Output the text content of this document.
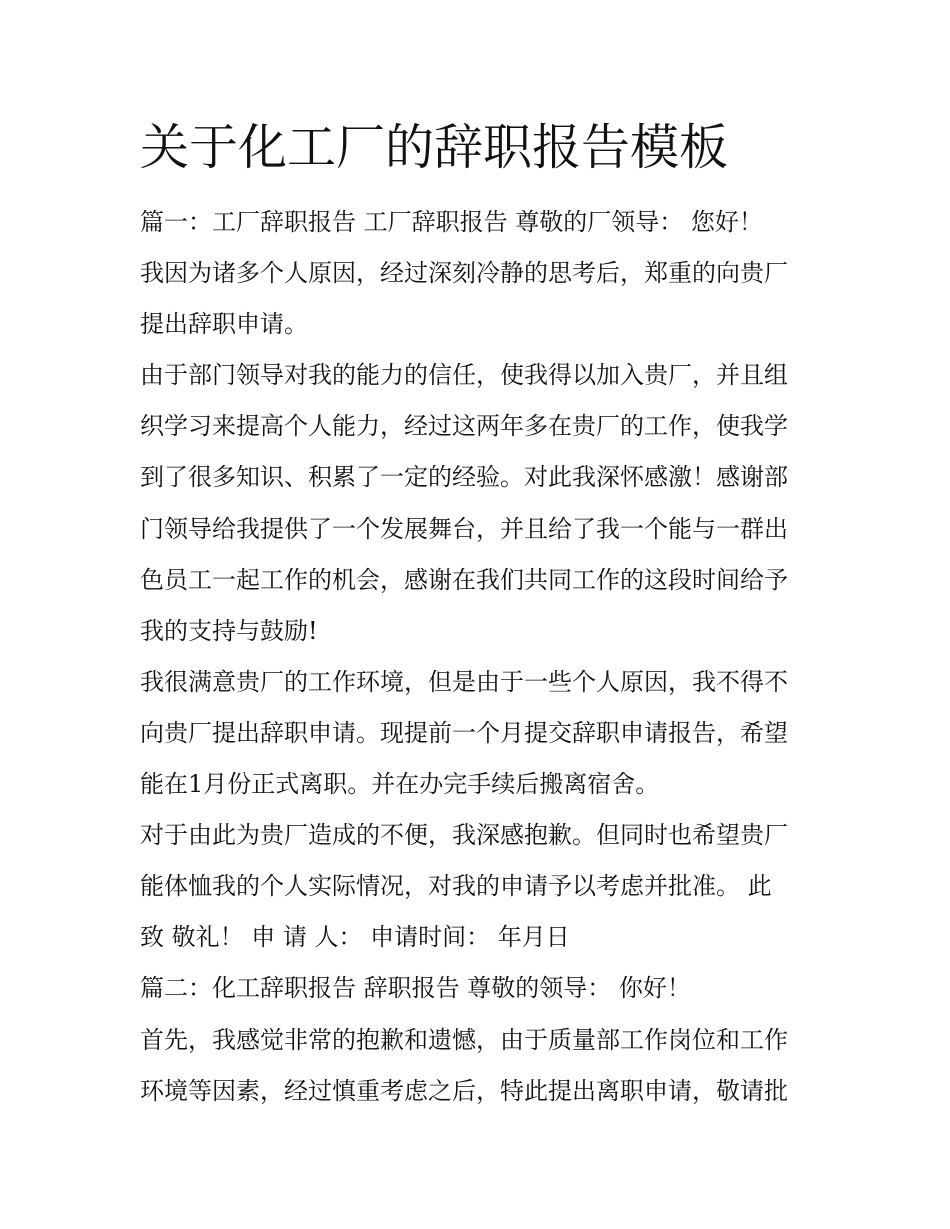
关于化工厂的辞职报告模板
篇一：工厂辞职报告 工厂辞职报告 尊敬的厂领导： 您好！
我因为诸多个人原因，经过深刻冷静的思考后，郑重的向贵厂
提出辞职申请。
由于部门领导对我的能力的信任，使我得以加入贵厂，并且组
织学习来提高个人能力，经过这两年多在贵厂的工作，使我学
到了很多知识、积累了一定的经验。对此我深怀感激！感谢部
门领导给我提供了一个发展舞台，并且给了我一个能与一群出
色员工一起工作的机会，感谢在我们共同工作的这段时间给予
我的支持与鼓励!
我很满意贵厂的工作环境，但是由于一些个人原因，我不得不
向贵厂提出辞职申请。现提前一个月提交辞职申请报告，希望
能在1月份正式离职。并在办完手续后搬离宿舍。
对于由此为贵厂造成的不便，我深感抱歉。但同时也希望贵厂
能体恤我的个人实际情况，对我的申请予以考虑并批准。 此
致 敬礼！ 申 请 人： 申请时间： 年月日
篇二：化工辞职报告 辞职报告 尊敬的领导： 你好！
首先，我感觉非常的抱歉和遗憾，由于质量部工作岗位和工作
环境等因素，经过慎重考虑之后，特此提出离职申请，敬请批
